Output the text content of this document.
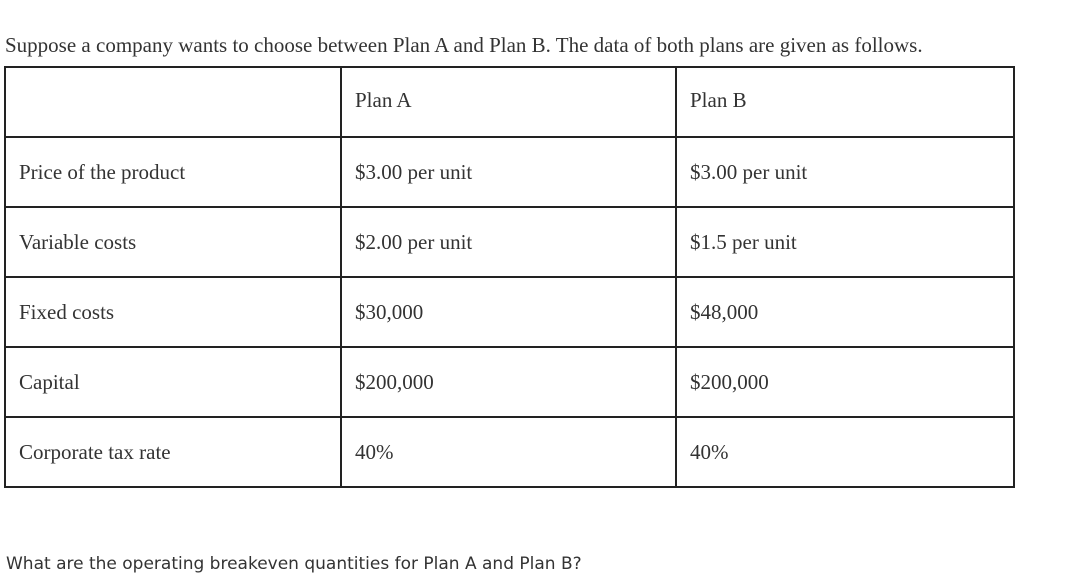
Suppose a company wants to choose between Plan A and Plan B. The data of both plans are given as follows.

	Plan A	Plan B
Price of the product	$3.00 per unit	$3.00 per unit
Variable costs	$2.00 per unit	$1.5 per unit
Fixed costs	$30,000	$48,000
Capital	$200,000	$200,000
Corporate tax rate	40%	40%

What are the operating breakeven quantities for Plan A and Plan B?
